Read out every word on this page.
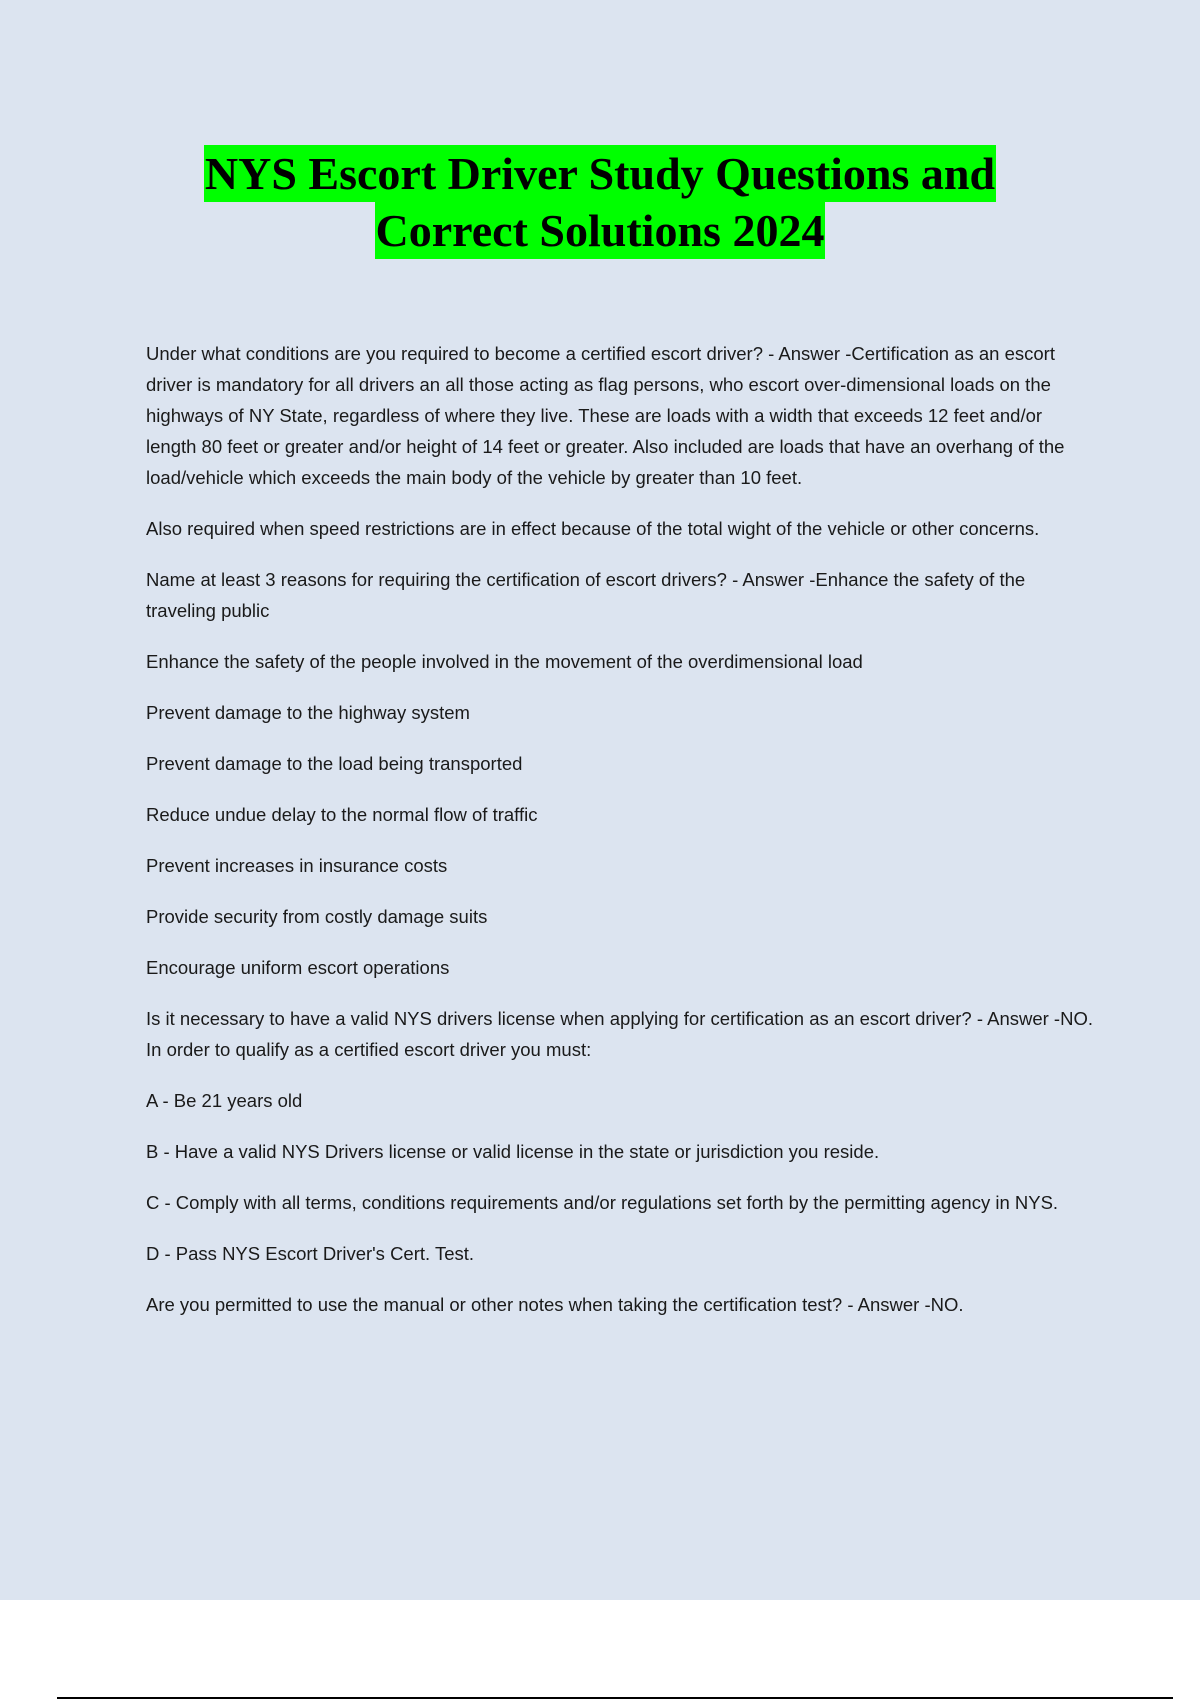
NYS Escort Driver Study Questions and
Correct Solutions 2024

Under what conditions are you required to become a certified escort driver? - Answer -Certification as an escort driver is mandatory for all drivers an all those acting as flag persons, who escort over-dimensional loads on the highways of NY State, regardless of where they live. These are loads with a width that exceeds 12 feet and/or length 80 feet or greater and/or height of 14 feet or greater. Also included are loads that have an overhang of the load/vehicle which exceeds the main body of the vehicle by greater than 10 feet.

Also required when speed restrictions are in effect because of the total wight of the vehicle or other concerns.

Name at least 3 reasons for requiring the certification of escort drivers? - Answer -Enhance the safety of the traveling public

Enhance the safety of the people involved in the movement of the overdimensional load

Prevent damage to the highway system

Prevent damage to the load being transported

Reduce undue delay to the normal flow of traffic

Prevent increases in insurance costs

Provide security from costly damage suits

Encourage uniform escort operations

Is it necessary to have a valid NYS drivers license when applying for certification as an escort driver? - Answer -NO. In order to qualify as a certified escort driver you must:

A - Be 21 years old

B - Have a valid NYS Drivers license or valid license in the state or jurisdiction you reside.

C - Comply with all terms, conditions requirements and/or regulations set forth by the permitting agency in NYS.

D - Pass NYS Escort Driver's Cert. Test.

Are you permitted to use the manual or other notes when taking the certification test? - Answer -NO.
